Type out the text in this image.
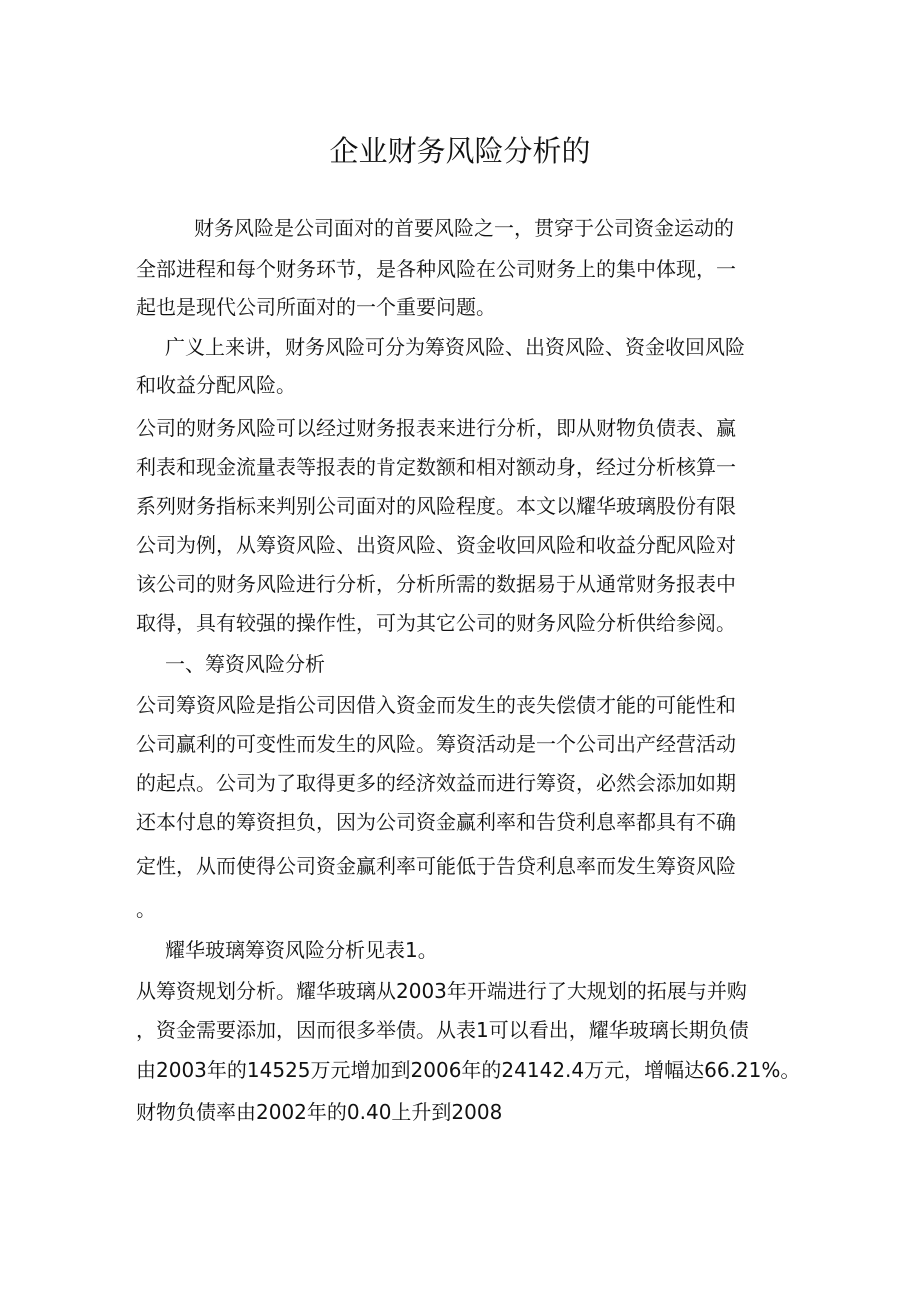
企业财务风险分析的

财务风险是公司面对的首要风险之一，贯穿于公司资金运动的

全部进程和每个财务环节，是各种风险在公司财务上的集中体现，一

起也是现代公司所面对的一个重要问题。

广义上来讲，财务风险可分为筹资风险、出资风险、资金收回风险

和收益分配风险。

公司的财务风险可以经过财务报表来进行分析，即从财物负债表、赢

利表和现金流量表等报表的肯定数额和相对额动身，经过分析核算一

系列财务指标来判别公司面对的风险程度。本文以耀华玻璃股份有限

公司为例，从筹资风险、出资风险、资金收回风险和收益分配风险对

该公司的财务风险进行分析，分析所需的数据易于从通常财务报表中

取得，具有较强的操作性，可为其它公司的财务风险分析供给参阅。

一、筹资风险分析

公司筹资风险是指公司因借入资金而发生的丧失偿债才能的可能性和

公司赢利的可变性而发生的风险。筹资活动是一个公司出产经营活动

的起点。公司为了取得更多的经济效益而进行筹资，必然会添加如期

还本付息的筹资担负，因为公司资金赢利率和告贷利息率都具有不确

定性，从而使得公司资金赢利率可能低于告贷利息率而发生筹资风险

。

耀华玻璃筹资风险分析见表1。

从筹资规划分析。耀华玻璃从2003年开端进行了大规划的拓展与并购

，资金需要添加，因而很多举债。从表1可以看出，耀华玻璃长期负债

由2003年的14525万元增加到2006年的24142.4万元，增幅达66.21%。

财物负债率由2002年的0.40上升到2008
